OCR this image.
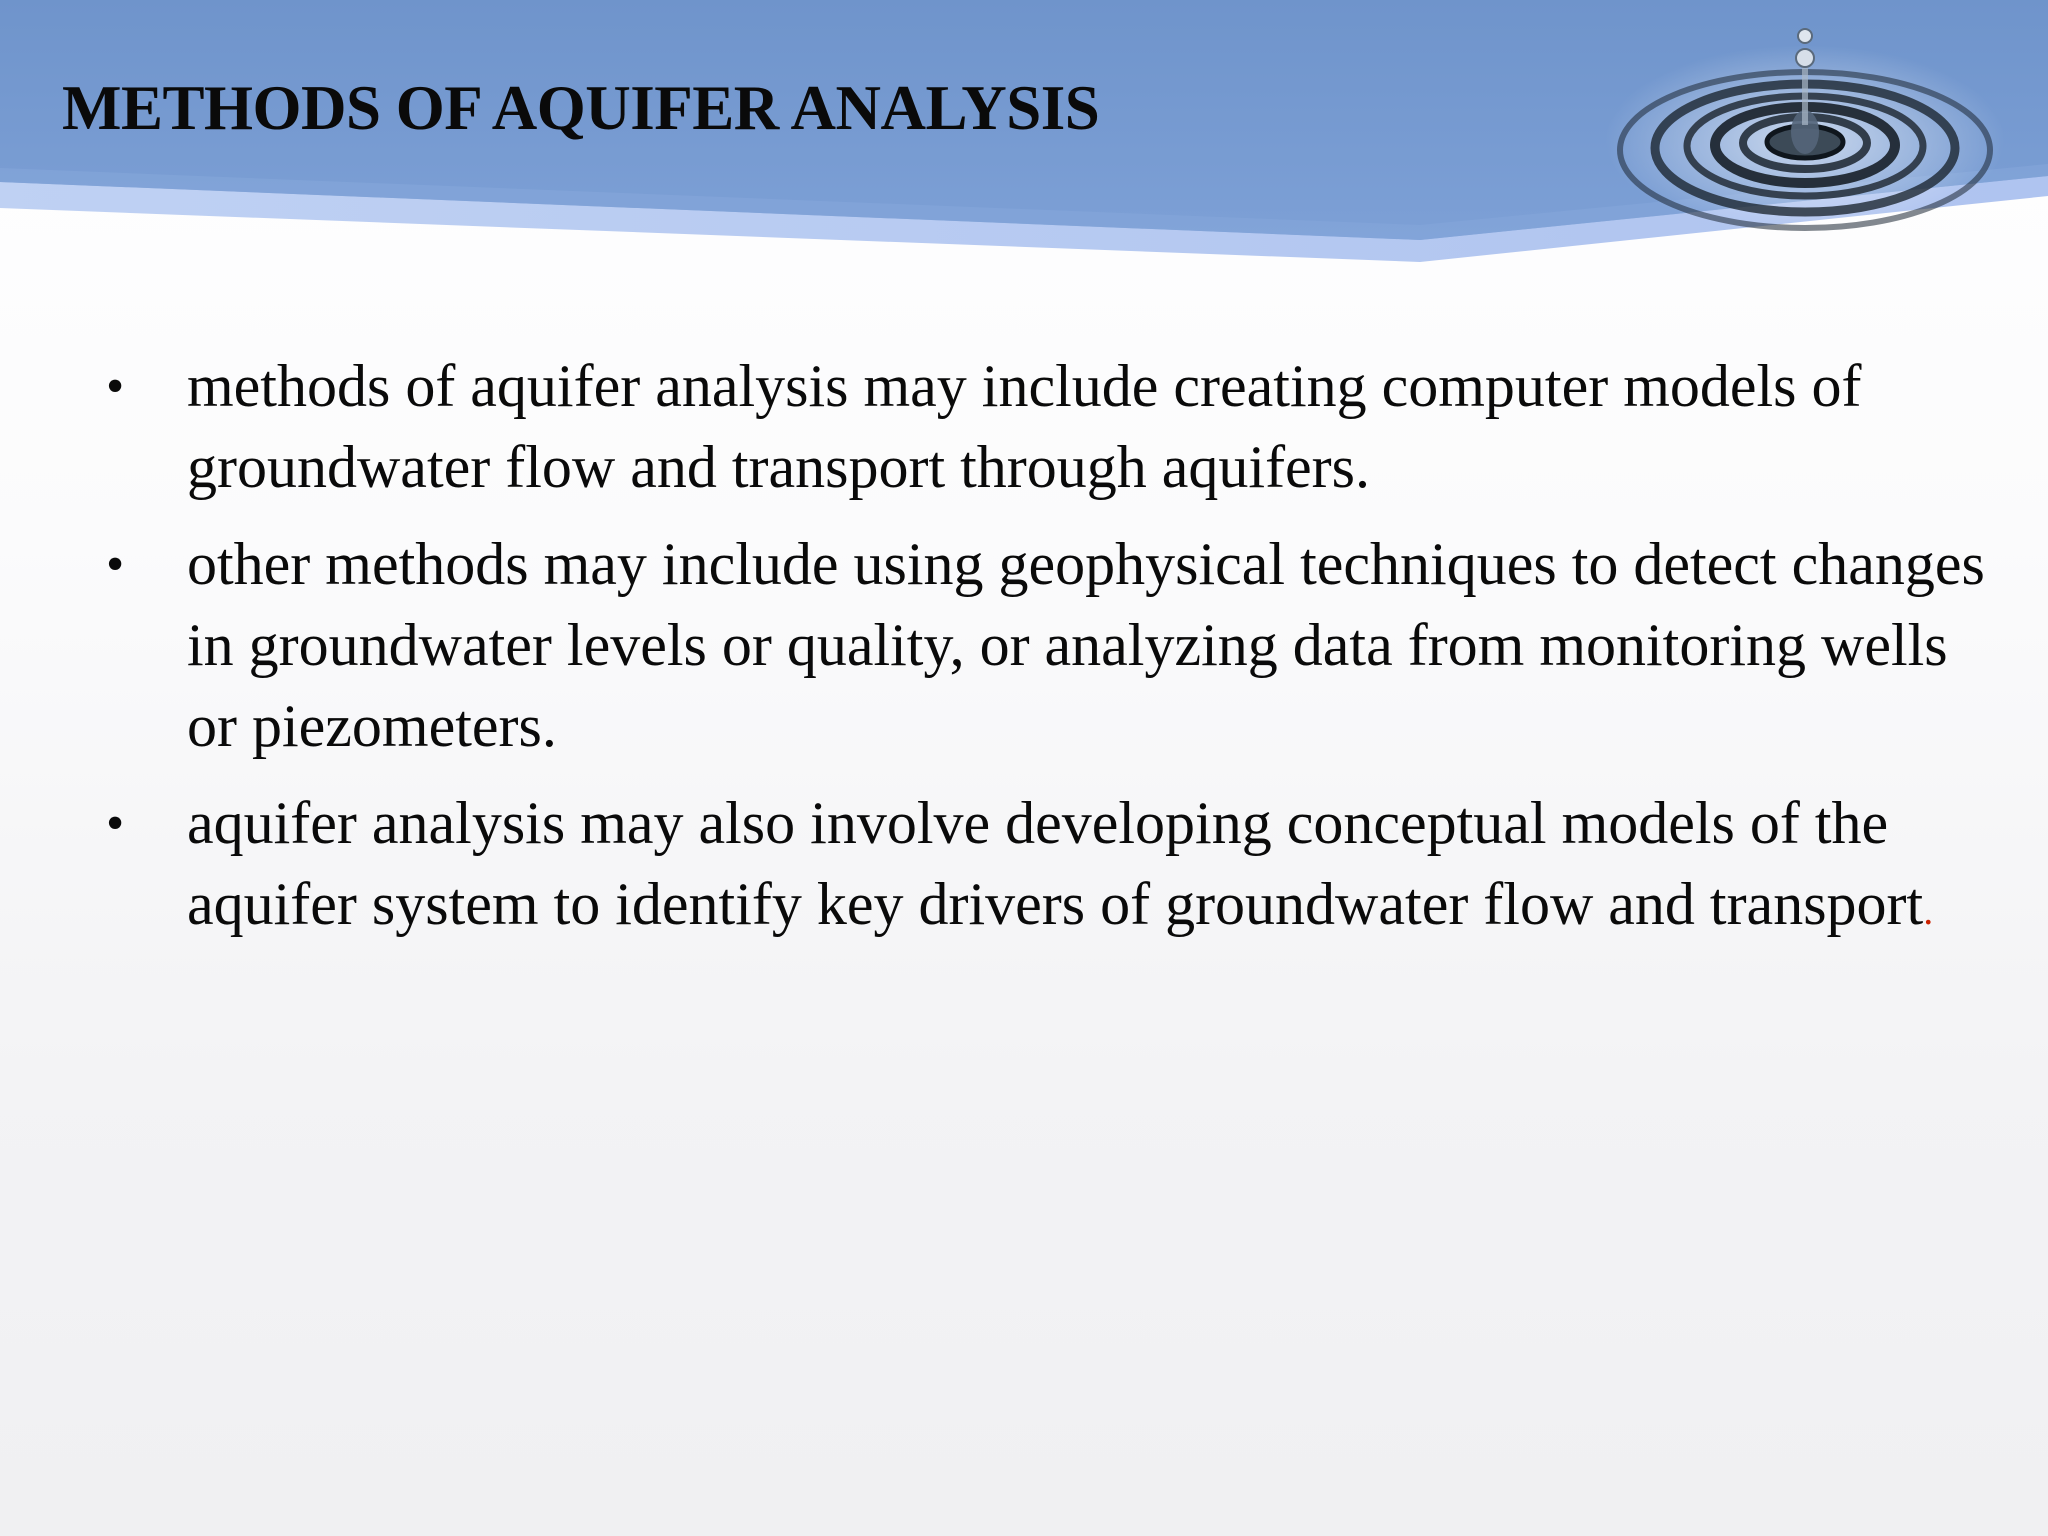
METHODS OF AQUIFER ANALYSIS
•	methods of aquifer analysis may include creating computer models of groundwater flow and transport through aquifers.
•	other methods may include using geophysical techniques to detect changes in groundwater levels or quality, or analyzing data from monitoring wells or piezometers.
•	aquifer analysis may also involve developing conceptual models of the aquifer system to identify key drivers of groundwater flow and transport.
